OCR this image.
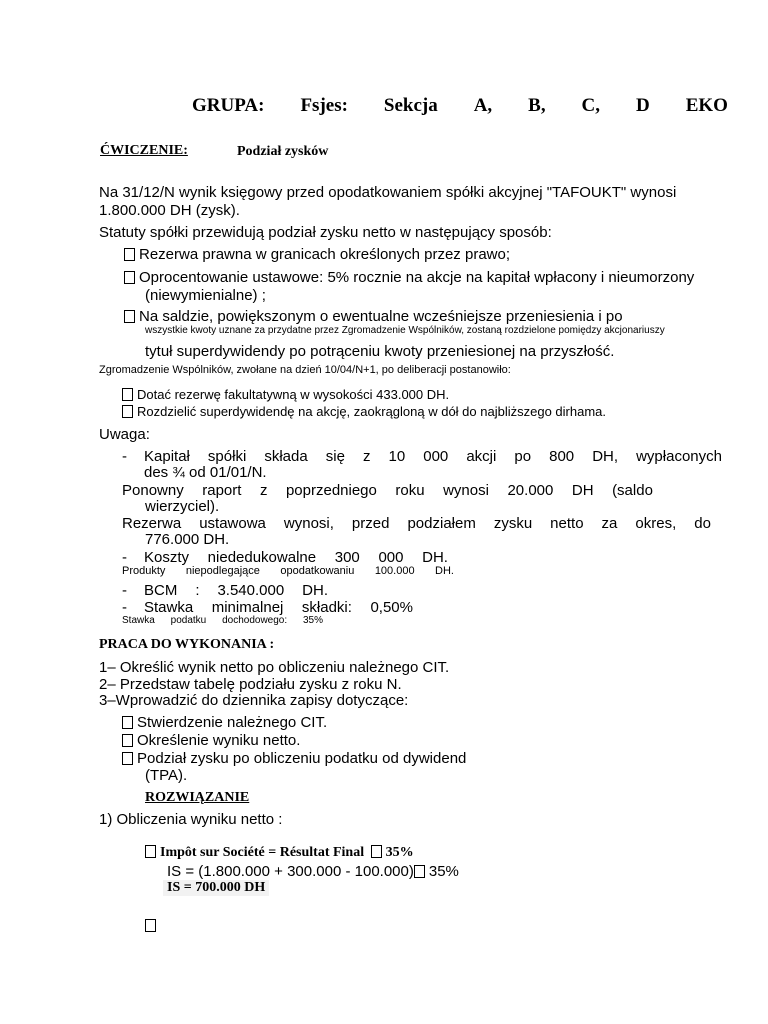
GRUPA: Fsjes: Sekcja A, B, C, D EKO
ĆWICZENIE:	Podział zysków
Na 31/12/N wynik księgowy przed opodatkowaniem spółki akcyjnej "TAFOUKT" wynosi
1.800.000 DH (zysk).
Statuty spółki przewidują podział zysku netto w następujący sposób:
Rezerwa prawna w granicach określonych przez prawo;
Oprocentowanie ustawowe: 5% rocznie na akcje na kapitał wpłacony i nieumorzony
(niewymienialne) ;
Na saldzie, powiększonym o ewentualne wcześniejsze przeniesienia i po
wszystkie kwoty uznane za przydatne przez Zgromadzenie Wspólników, zostaną rozdzielone pomiędzy akcjonariuszy
tytuł superdywidendy po potrąceniu kwoty przeniesionej na przyszłość.
Zgromadzenie Wspólników, zwołane na dzień 10/04/N+1, po deliberacji postanowiło:
Dotać rezerwę fakultatywną w wysokości 433.000 DH.
Rozdzielić superdywidendę na akcję, zaokrągloną w dół do najbliższego dirhama.
Uwaga:
- Kapitał spółki składa się z 10 000 akcji po 800 DH, wypłaconych
des ¾ od 01/01/N.
Ponowny raport z poprzedniego roku wynosi 20.000 DH (saldo
wierzyciel).
Rezerwa ustawowa wynosi, przed podziałem zysku netto za okres, do
776.000 DH.
- Koszty niededukowalne 300 000 DH.
Produkty niepodlegające opodatkowaniu 100.000 DH.
- BCM : 3.540.000 DH.
- Stawka minimalnej składki: 0,50%
Stawka podatku dochodowego: 35%
PRACA DO WYKONANIA :
1– Określić wynik netto po obliczeniu należnego CIT.
2– Przedstaw tabelę podziału zysku z roku N.
3–Wprowadzić do dziennika zapisy dotyczące:
Stwierdzenie należnego CIT.
Określenie wyniku netto.
Podział zysku po obliczeniu podatku od dywidend
(TPA).
ROZWIĄZANIE
1) Obliczenia wyniku netto :
Impôt sur Société = Résultat Final 35%
IS = (1.800.000 + 300.000 - 100.000) 35%
IS = 700.000 DH
